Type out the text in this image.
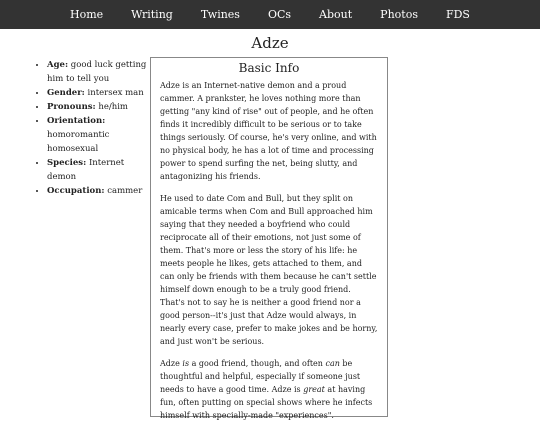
Home	Writing	Twines	OCs	About	Photos	FDS
Adze
• Age: good luck getting him to tell you
• Gender: intersex man
• Pronouns: he/him
• Orientation: homoromantic homosexual
• Species: Internet demon
• Occupation: cammer
Basic Info

Adze is an Internet-native demon and a proud cammer. A prankster, he loves nothing more than getting "any kind of rise" out of people, and he often finds it incredibly difficult to be serious or to take things seriously. Of course, he's very online, and with no physical body, he has a lot of time and processing power to spend surfing the net, being slutty, and antagonizing his friends.

He used to date Com and Bull, but they split on amicable terms when Com and Bull approached him saying that they needed a boyfriend who could reciprocate all of their emotions, not just some of them. That's more or less the story of his life: he meets people he likes, gets attached to them, and can only be friends with them because he can't settle himself down enough to be a truly good friend. That's not to say he is neither a good friend nor a good person--it's just that Adze would always, in nearly every case, prefer to make jokes and be horny, and just won't be serious.

Adze is a good friend, though, and often can be thoughtful and helpful, especially if someone just needs to have a good time. Adze is great at having fun, often putting on special shows where he infects himself with specially-made "experiences".
